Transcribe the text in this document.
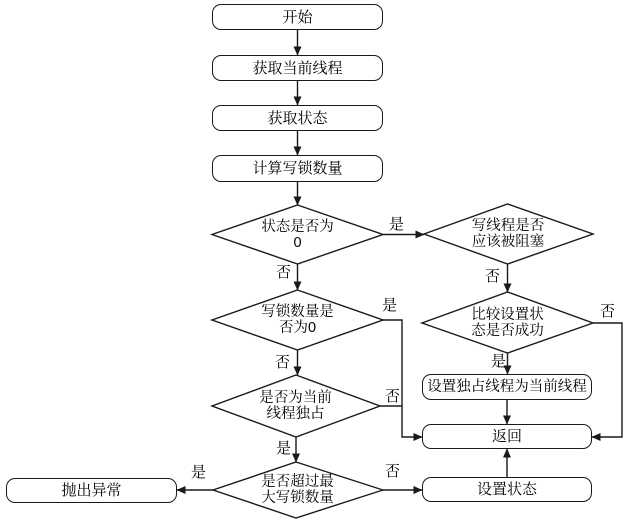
开始
获取当前线程
获取状态
计算写锁数量
设置独占线程为当前线程
返回
设置状态
抛出异常
状态是否为
0
写锁数量是
否为0
是否为当前
线程独占
是否超过最
大写锁数量
写线程是否
应该被阻塞
比较设置状
态是否成功
是
否
是
否
否
是
是	否
否
否
是
